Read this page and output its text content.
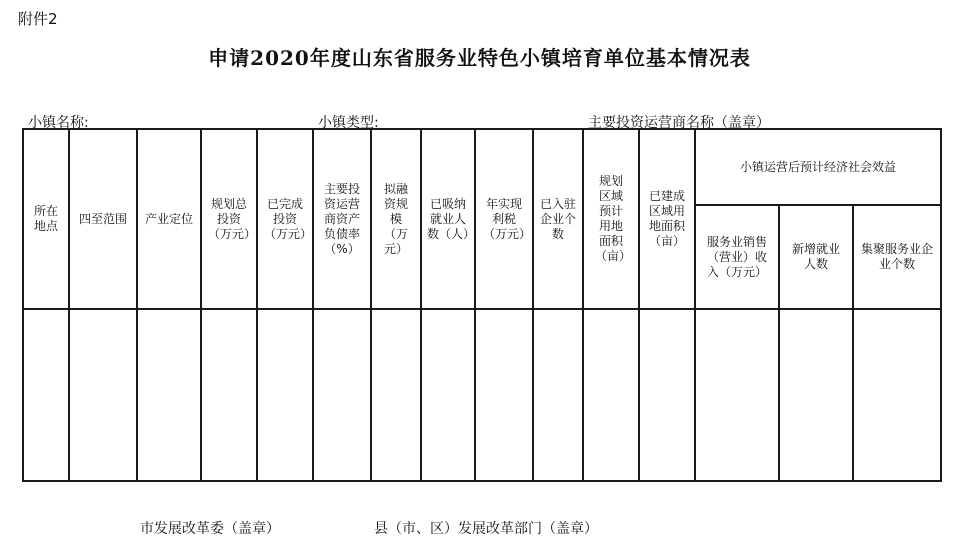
附件2
申请2020年度山东省服务业特色小镇培育单位基本情况表
小镇名称:	小镇类型:	主要投资运营商名称（盖章）
所在地点	四至范围	产业定位	规划总投资（万元）	已完成投资（万元）	主要投资运营商资产负债率（%）	拟融资规模（万元）	已吸纳就业人数（人）	年实现利税（万元）	已入驻企业个数	规划区域预计用地面积（亩）	已建成区域用地面积（亩）	小镇运营后预计经济社会效益		
												服务业销售（营业）收入（万元）	新增就业人数	集聚服务业企业个数

市发展改革委（盖章）	县（市、区）发展改革部门（盖章）
